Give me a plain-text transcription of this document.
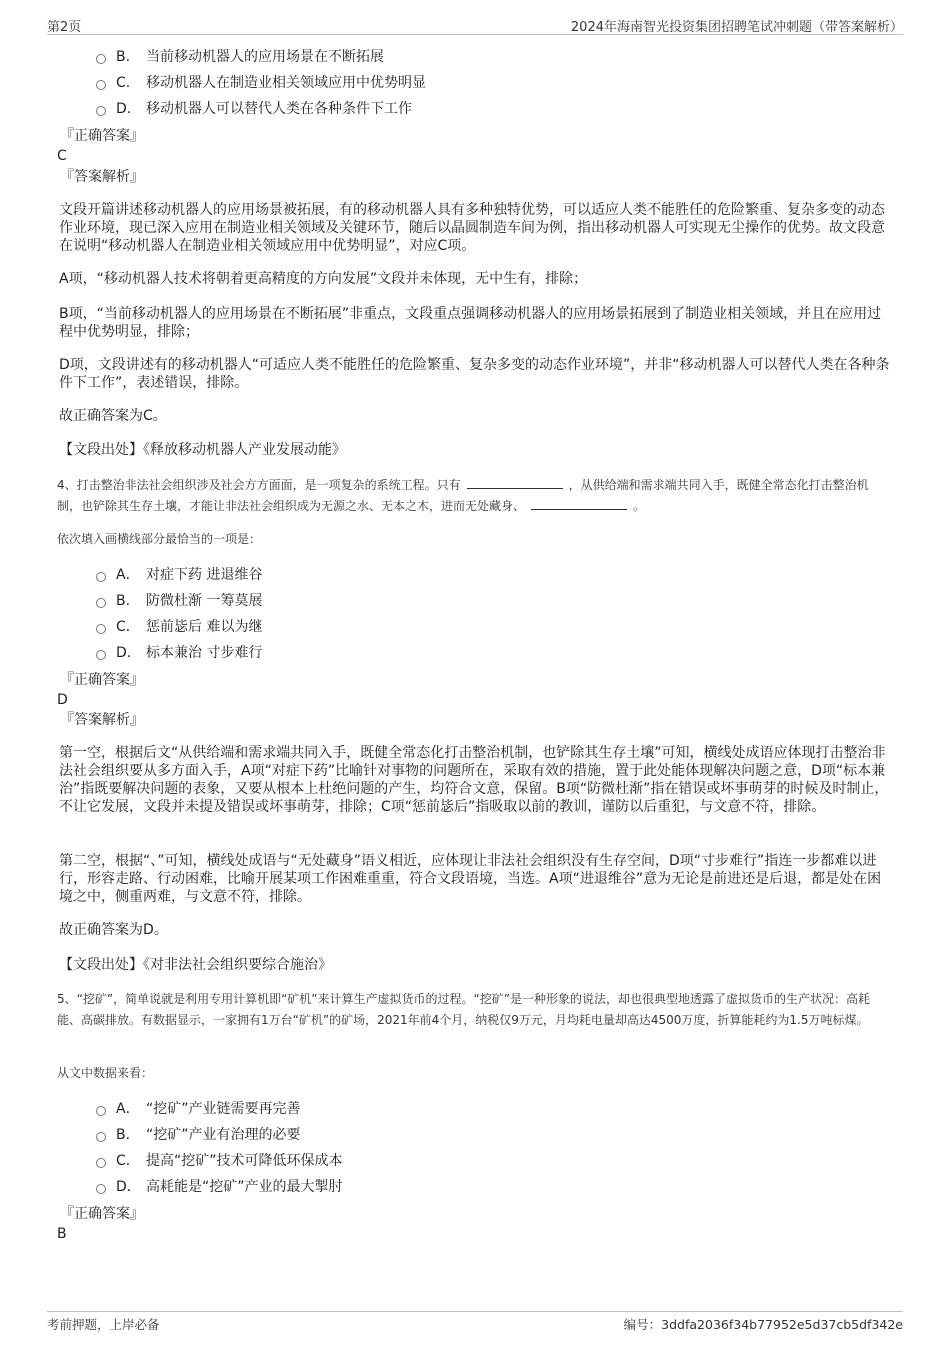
第2页	2024年海南智光投资集团招聘笔试冲刺题（带答案解析）
B.	当前移动机器人的应用场景在不断拓展
C.	移动机器人在制造业相关领域应用中优势明显
D.	移动机器人可以替代人类在各种条件下工作
『正确答案』
C
『答案解析』
文段开篇讲述移动机器人的应用场景被拓展，有的移动机器人具有多种独特优势，可以适应人类不能胜任的危险繁重、复杂多变的动态作业环境，现已深入应用在制造业相关领域及关键环节，随后以晶圆制造车间为例，指出移动机器人可实现无尘操作的优势。故文段意在说明“移动机器人在制造业相关领域应用中优势明显”，对应C项。
A项，“移动机器人技术将朝着更高精度的方向发展”文段并未体现，无中生有，排除；
B项，“当前移动机器人的应用场景在不断拓展”非重点，文段重点强调移动机器人的应用场景拓展到了制造业相关领域，并且在应用过程中优势明显，排除；
D项，文段讲述有的移动机器人“可适应人类不能胜任的危险繁重、复杂多变的动态作业环境”，并非“移动机器人可以替代人类在各种条件下工作”，表述错误，排除。
故正确答案为C。
【文段出处】《释放移动机器人产业发展动能》
4、打击整治非法社会组织涉及社会方方面面，是一项复杂的系统工程。只有	，从供给端和需求端共同入手，既健全常态化打击整治机制，也铲除其生存土壤，才能让非法社会组织成为无源之水、无本之木，进而无处藏身、	。
依次填入画横线部分最恰当的一项是：
A． 对症下药 进退维谷
B． 防微杜渐 一筹莫展
C． 惩前毖后 难以为继
D． 标本兼治 寸步难行
『正确答案』
D
『答案解析』
第一空，根据后文“从供给端和需求端共同入手，既健全常态化打击整治机制，也铲除其生存土壤”可知，横线处成语应体现打击整治非法社会组织要从多方面入手，A项“对症下药”比喻针对事物的问题所在，采取有效的措施，置于此处能体现解决问题之意，D项“标本兼治”指既要解决问题的表象，又要从根本上杜绝问题的产生，均符合文意，保留。B项“防微杜渐”指在错误或坏事萌芽的时候及时制止，不让它发展，文段并未提及错误或坏事萌芽，排除；C项“惩前毖后”指吸取以前的教训，谨防以后重犯，与文意不符，排除。
第二空，根据“、”可知，横线处成语与“无处藏身”语义相近，应体现让非法社会组织没有生存空间，D项“寸步难行”指连一步都难以进行，形容走路、行动困难，比喻开展某项工作困难重重，符合文段语境，当选。A项“进退维谷”意为无论是前进还是后退，都是处在困境之中，侧重两难，与文意不符，排除。
故正确答案为D。
【文段出处】《对非法社会组织要综合施治》
5、“挖矿”，简单说就是利用专用计算机即“矿机”来计算生产虚拟货币的过程。“挖矿”是一种形象的说法，却也很典型地透露了虚拟货币的生产状况：高耗能、高碳排放。有数据显示，一家拥有1万台“矿机”的矿场，2021年前4个月，纳税仅9万元，月均耗电量却高达4500万度，折算能耗约为1.5万吨标煤。
从文中数据来看：
A． “挖矿”产业链需要再完善
B． “挖矿”产业有治理的必要
C． 提高“挖矿”技术可降低环保成本
D． 高耗能是“挖矿”产业的最大掣肘
『正确答案』
B
考前押题，上岸必备	编号：3ddfa2036f34b77952e5d37cb5df342e
